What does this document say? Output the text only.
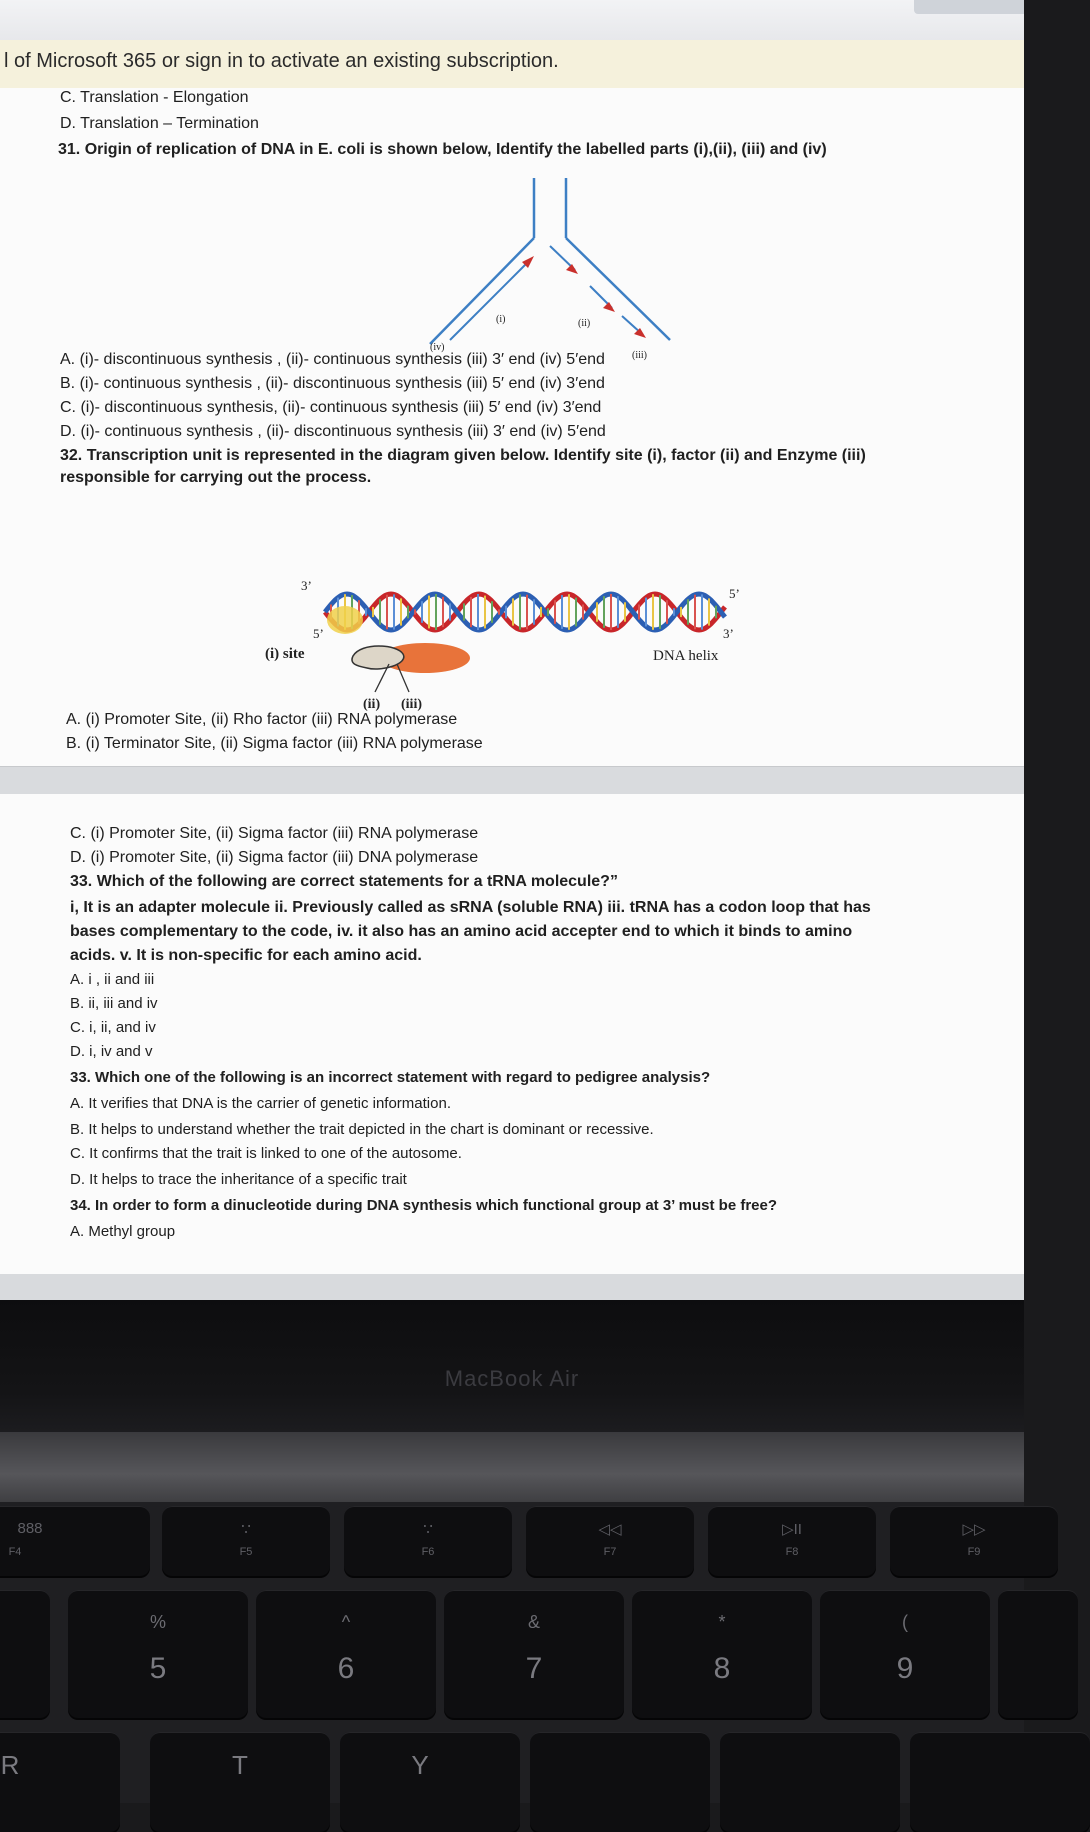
l of Microsoft 365 or sign in to activate an existing subscription.
C. Translation - Elongation
D. Translation – Termination
31. Origin of replication of DNA in E. coli is shown below, Identify the labelled parts (i),(ii), (iii) and (iv)
(i)	(ii)
(iii)
(iv)
A. (i)- discontinuous synthesis , (ii)- continuous synthesis (iii) 3′ end (iv) 5′end
B. (i)- continuous synthesis , (ii)- discontinuous synthesis (iii) 5′ end (iv) 3′end
C. (i)- discontinuous synthesis, (ii)- continuous synthesis (iii) 5′ end (iv) 3′end
D. (i)- continuous synthesis , (ii)- discontinuous synthesis (iii) 3′ end (iv) 5′end
32. Transcription unit is represented in the diagram given below. Identify site (i), factor (ii) and Enzyme (iii)
responsible for carrying out the process.
3’
5’
5’
3’
(i) site	DNA helix
(ii) (iii)
A. (i) Promoter Site, (ii) Rho factor (iii) RNA polymerase
B. (i) Terminator Site, (ii) Sigma factor (iii) RNA polymerase
C. (i) Promoter Site, (ii) Sigma factor (iii) RNA polymerase
D. (i) Promoter Site, (ii) Sigma factor (iii) DNA polymerase
33. Which of the following are correct statements for a tRNA molecule?”
i, It is an adapter molecule ii. Previously called as sRNA (soluble RNA) iii. tRNA has a codon loop that has
bases complementary to the code, iv. it also has an amino acid accepter end to which it binds to amino
acids. v. It is non-specific for each amino acid.
A. i , ii and iii
B. ii, iii and iv
C. i, ii, and iv
D. i, iv and v
33. Which one of the following is an incorrect statement with regard to pedigree analysis?
A. It verifies that DNA is the carrier of genetic information.
B. It helps to understand whether the trait depicted in the chart is dominant or recessive.
C. It confirms that the trait is linked to one of the autosome.
D. It helps to trace the inheritance of a specific trait
34. In order to form a dinucleotide during DNA synthesis which functional group at 3’ must be free?
A. Methyl group
MacBook Air
888
F4
∵
F5
∵
F6
◁◁
F7
▷II
F8
▷▷
F9
%
5
^
6
&
7
*
8
(
9
R	T	Y
